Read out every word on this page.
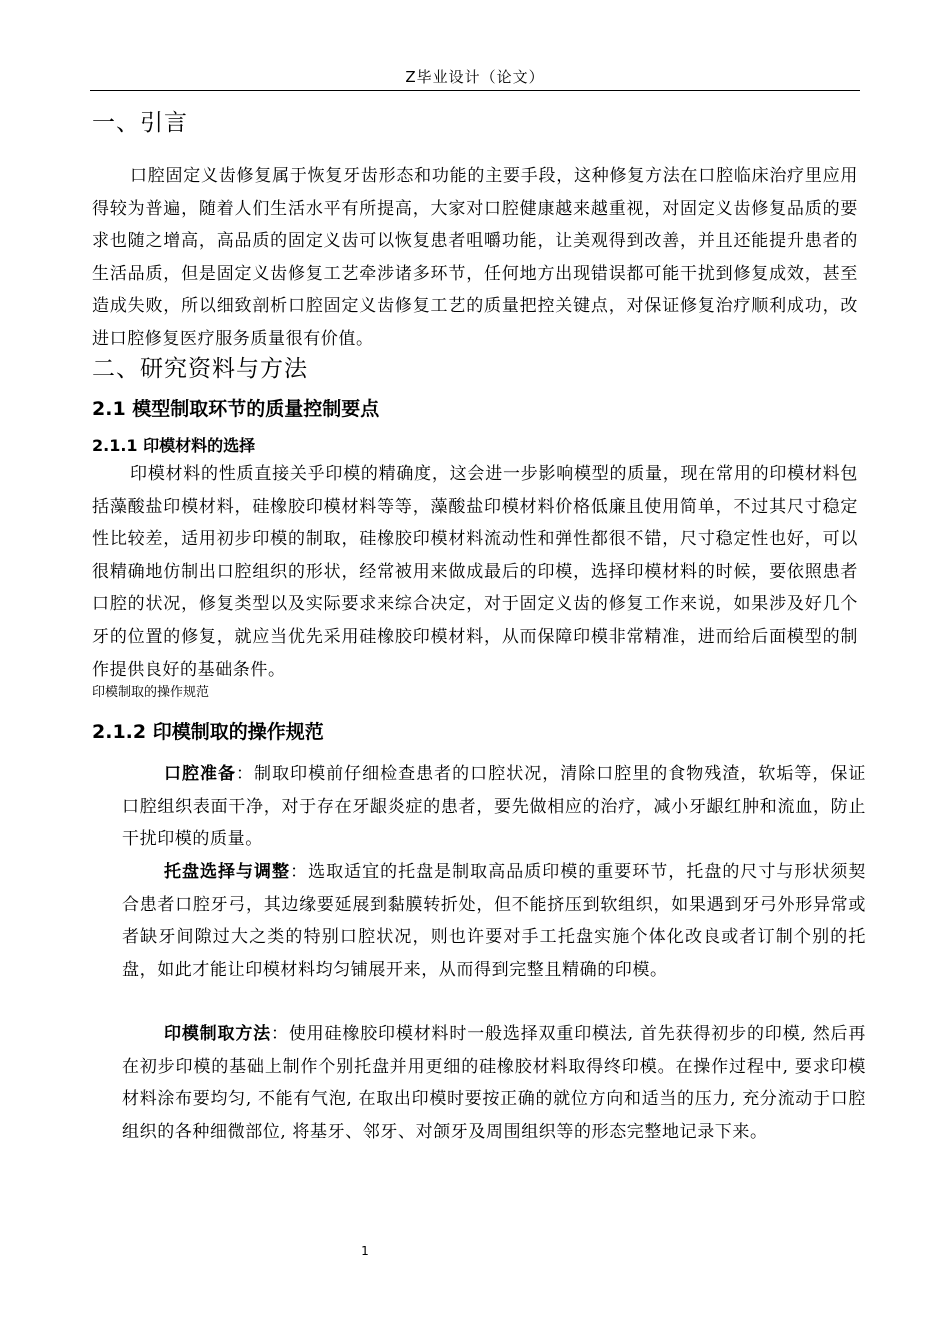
Z毕业设计（论文）
一、引言

口腔固定义齿修复属于恢复牙齿形态和功能的主要手段，这种修复方法在口腔临床治疗里应用得较为普遍，随着人们生活水平有所提高，大家对口腔健康越来越重视，对固定义齿修复品质的要求也随之增高，高品质的固定义齿可以恢复患者咀嚼功能，让美观得到改善，并且还能提升患者的生活品质，但是固定义齿修复工艺牵涉诸多环节，任何地方出现错误都可能干扰到修复成效，甚至造成失败，所以细致剖析口腔固定义齿修复工艺的质量把控关键点，对保证修复治疗顺利成功，改进口腔修复医疗服务质量很有价值。

二、研究资料与方法
2.1 模型制取环节的质量控制要点
2.1.1 印模材料的选择

印模材料的性质直接关乎印模的精确度，这会进一步影响模型的质量，现在常用的印模材料包括藻酸盐印模材料，硅橡胶印模材料等等，藻酸盐印模材料价格低廉且使用简单，不过其尺寸稳定性比较差，适用初步印模的制取，硅橡胶印模材料流动性和弹性都很不错，尺寸稳定性也好，可以很精确地仿制出口腔组织的形状，经常被用来做成最后的印模，选择印模材料的时候，要依照患者口腔的状况，修复类型以及实际要求来综合决定，对于固定义齿的修复工作来说，如果涉及好几个牙的位置的修复，就应当优先采用硅橡胶印模材料，从而保障印模非常精准，进而给后面模型的制作提供良好的基础条件。

印模制取的操作规范

2.1.2 印模制取的操作规范

口腔准备：制取印模前仔细检查患者的口腔状况，清除口腔里的食物残渣，软垢等，保证口腔组织表面干净，对于存在牙龈炎症的患者，要先做相应的治疗，减小牙龈红肿和流血，防止干扰印模的质量。

托盘选择与调整：选取适宜的托盘是制取高品质印模的重要环节，托盘的尺寸与形状须契合患者口腔牙弓，其边缘要延展到黏膜转折处，但不能挤压到软组织，如果遇到牙弓外形异常或者缺牙间隙过大之类的特别口腔状况，则也许要对手工托盘实施个体化改良或者订制个别的托盘，如此才能让印模材料均匀铺展开来，从而得到完整且精确的印模。

印模制取方法：使用硅橡胶印模材料时一般选择双重印模法, 首先获得初步的印模, 然后再在初步印模的基础上制作个别托盘并用更细的硅橡胶材料取得终印模。在操作过程中, 要求印模材料涂布要均匀, 不能有气泡, 在取出印模时要按正确的就位方向和适当的压力, 充分流动于口腔组织的各种细微部位, 将基牙、邻牙、对颌牙及周围组织等的形态完整地记录下来。

1
